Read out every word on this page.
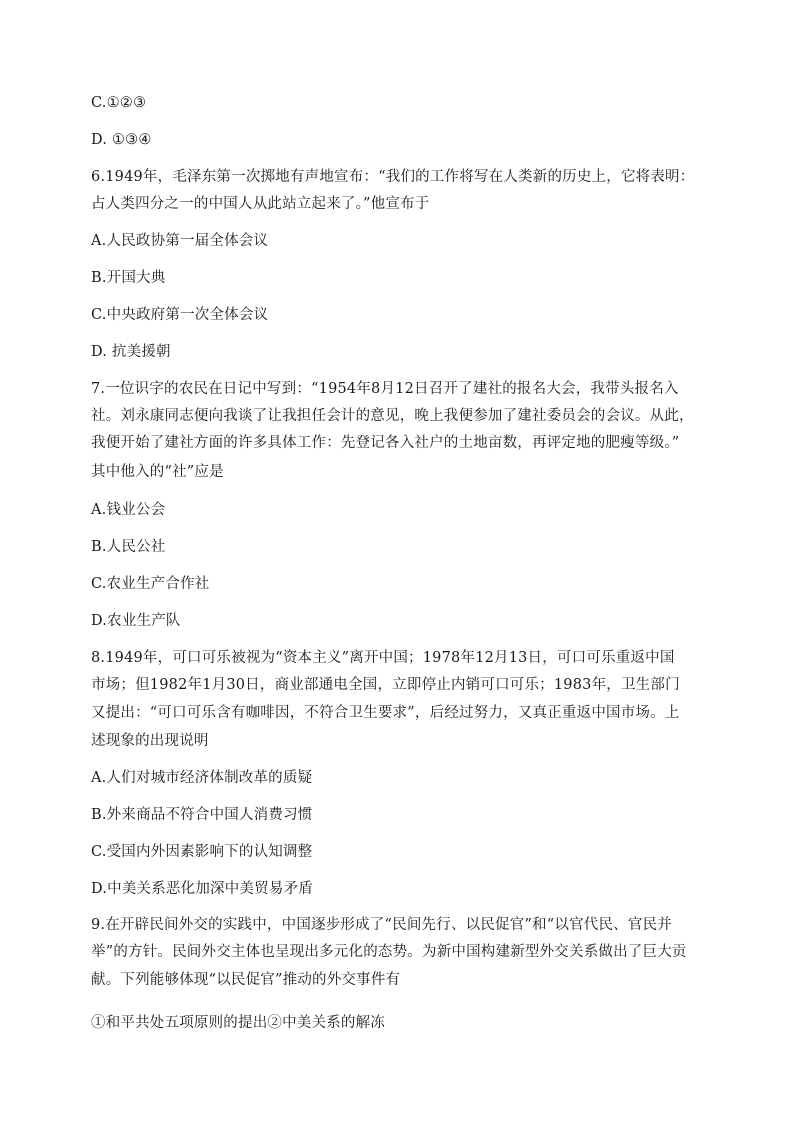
C.①②③
D. ①③④
6.1949年，毛泽东第一次掷地有声地宣布：“我们的工作将写在人类新的历史上，它将表明：
占人类四分之一的中国人从此站立起来了。”他宣布于
A.人民政协第一届全体会议
B.开国大典
C.中央政府第一次全体会议
D. 抗美援朝
7.一位识字的农民在日记中写到：“1954年8月12日召开了建社的报名大会，我带头报名入
社。刘永康同志便向我谈了让我担任会计的意见，晚上我便参加了建社委员会的会议。从此，
我便开始了建社方面的许多具体工作：先登记各入社户的土地亩数，再评定地的肥瘦等级。”
其中他入的“社”应是
A.钱业公会
B.人民公社
C.农业生产合作社
D.农业生产队
8.1949年，可口可乐被视为“资本主义”离开中国；1978年12月13日，可口可乐重返中国
市场；但1982年1月30日，商业部通电全国，立即停止内销可口可乐；1983年，卫生部门
又提出：“可口可乐含有咖啡因，不符合卫生要求”，后经过努力，又真正重返中国市场。上
述现象的出现说明
A.人们对城市经济体制改革的质疑
B.外来商品不符合中国人消费习惯
C.受国内外因素影响下的认知调整
D.中美关系恶化加深中美贸易矛盾
9.在开辟民间外交的实践中，中国逐步形成了“民间先行、以民促官”和“以官代民、官民并
举”的方针。民间外交主体也呈现出多元化的态势。为新中国构建新型外交关系做出了巨大贡
献。下列能够体现“以民促官”推动的外交事件有
①和平共处五项原则的提出②中美关系的解冻
